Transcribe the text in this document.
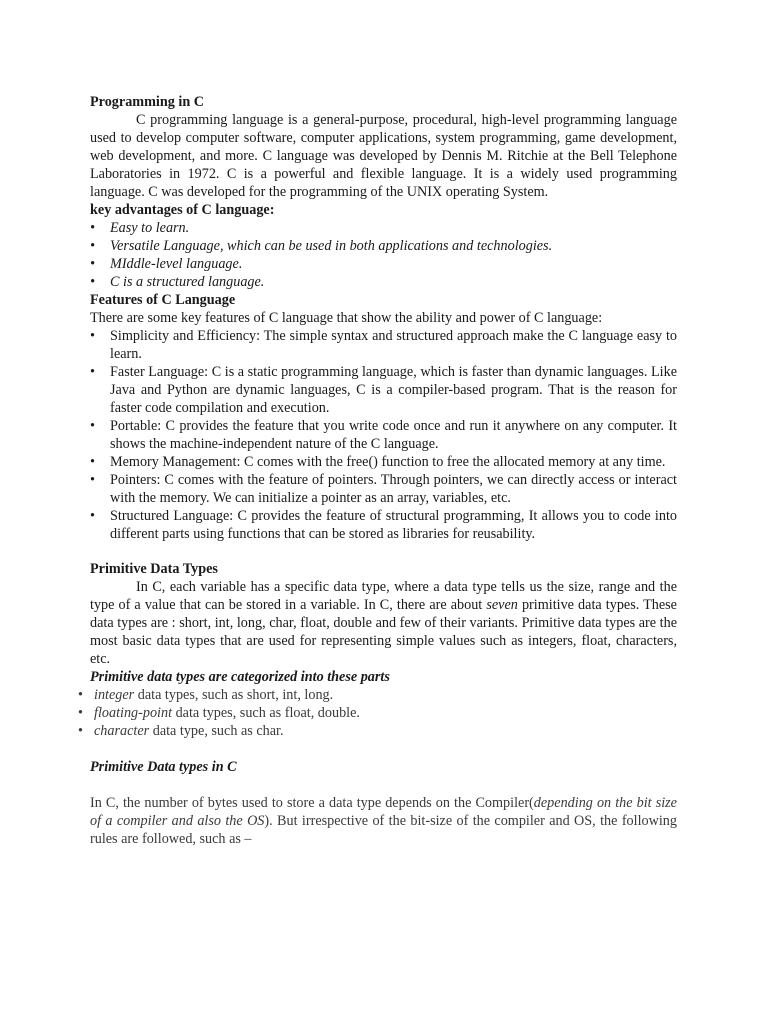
Programming in C

C programming language is a general-purpose, procedural, high-level programming language used to develop computer software, computer applications, system programming, game development, web development, and more. C language was developed by Dennis M. Ritchie at the Bell Telephone Laboratories in 1972. C is a powerful and flexible language. It is a widely used programming language. C was developed for the programming of the UNIX operating System.

key advantages of C language:
• Easy to learn.
• Versatile Language, which can be used in both applications and technologies.
• MIddle-level language.
• C is a structured language.
Features of C Language

There are some key features of C language that show the ability and power of C language:

• Simplicity and Efficiency: The simple syntax and structured approach make the C language easy to learn.
• Faster Language: C is a static programming language, which is faster than dynamic languages. Like Java and Python are dynamic languages, C is a compiler-based program. That is the reason for faster code compilation and execution.
• Portable: C provides the feature that you write code once and run it anywhere on any computer. It shows the machine-independent nature of the C language.
• Memory Management: C comes with the free() function to free the allocated memory at any time.
• Pointers: C comes with the feature of pointers. Through pointers, we can directly access or interact with the memory. We can initialize a pointer as an array, variables, etc.
• Structured Language: C provides the feature of structural programming, It allows you to code into different parts using functions that can be stored as libraries for reusability.
Primitive Data Types

In C, each variable has a specific data type, where a data type tells us the size, range and the type of a value that can be stored in a variable. In C, there are about seven primitive data types. These data types are : short, int, long, char, float, double and few of their variants. Primitive data types are the most basic data types that are used for representing simple values such as integers, float, characters, etc.

Primitive data types are categorized into these parts
• integer data types, such as short, int, long.
• floating-point data types, such as float, double.
• character data type, such as char.
Primitive Data types in C

In C, the number of bytes used to store a data type depends on the Compiler(depending on the bit size of a compiler and also the OS). But irrespective of the bit-size of the compiler and OS, the following rules are followed, such as –
